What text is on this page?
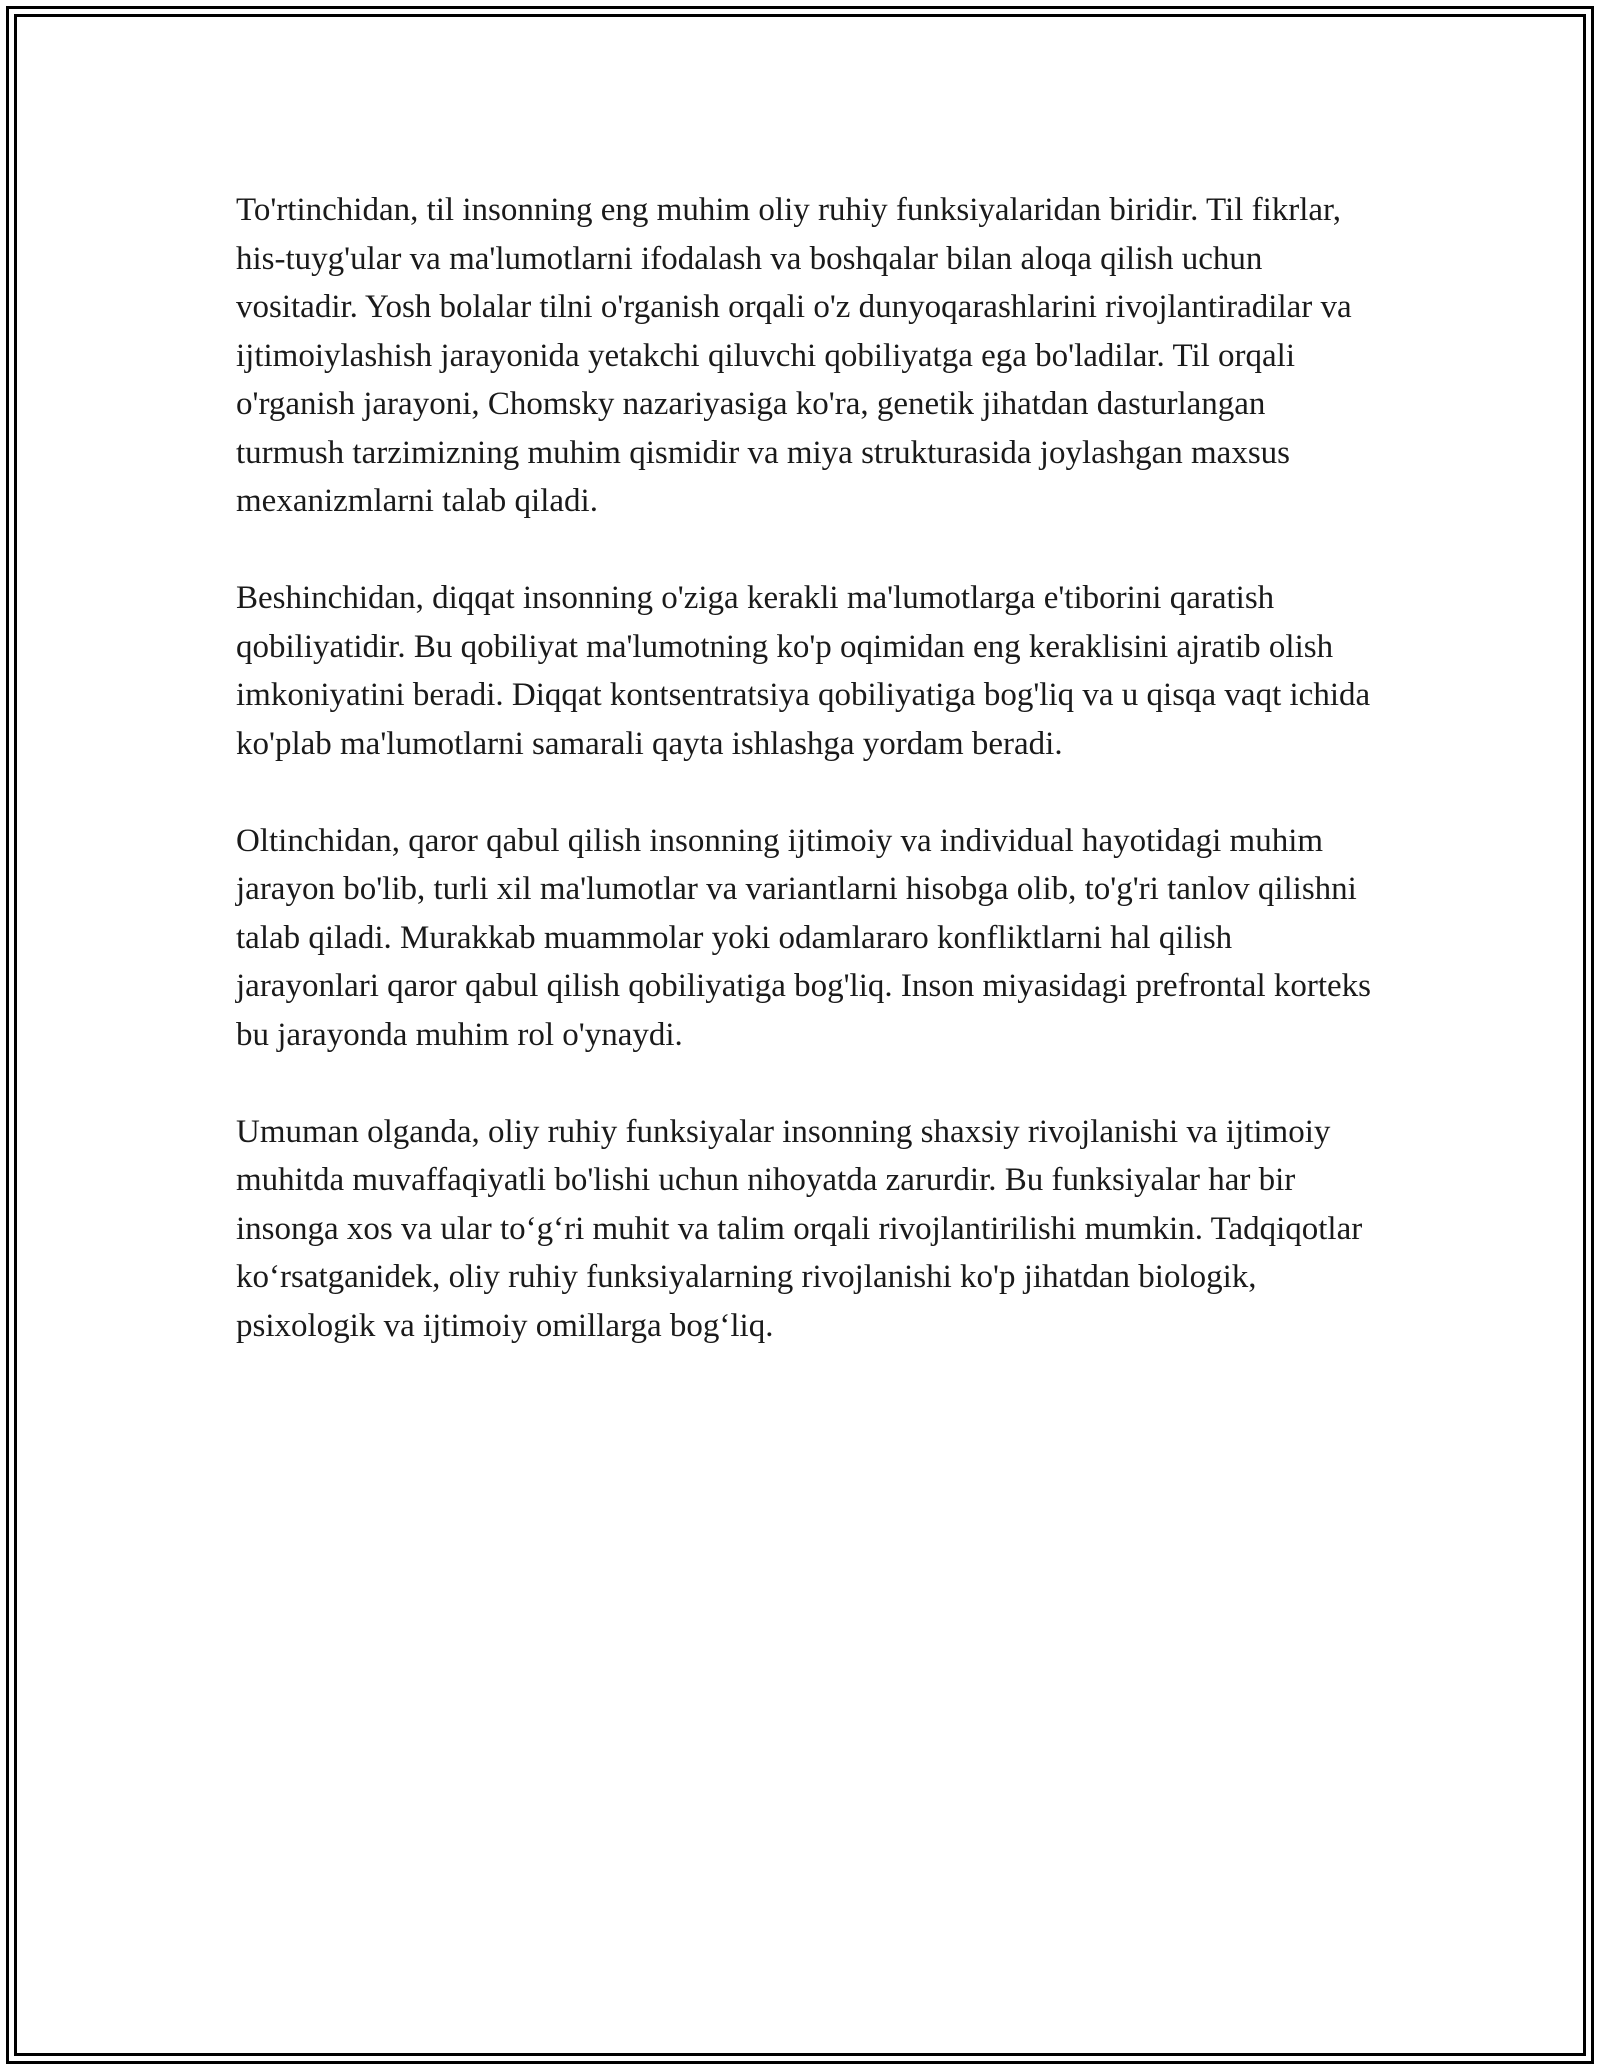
To'rtinchidan, til insonning eng muhim oliy ruhiy funksiyalaridan biridir. Til fikrlar, his-tuyg'ular va ma'lumotlarni ifodalash va boshqalar bilan aloqa qilish uchun vositadir. Yosh bolalar tilni o'rganish orqali o'z dunyoqarashlarini rivojlantiradilar va ijtimoiylashish jarayonida yetakchi qiluvchi qobiliyatga ega bo'ladilar. Til orqali o'rganish jarayoni, Chomsky nazariyasiga ko'ra, genetik jihatdan dasturlangan turmush tarzimizning muhim qismidir va miya strukturasida joylashgan maxsus mexanizmlarni talab qiladi.

Beshinchidan, diqqat insonning o'ziga kerakli ma'lumotlarga e'tiborini qaratish qobiliyatidir. Bu qobiliyat ma'lumotning ko'p oqimidan eng keraklisini ajratib olish imkoniyatini beradi. Diqqat kontsentratsiya qobiliyatiga bog'liq va u qisqa vaqt ichida ko'plab ma'lumotlarni samarali qayta ishlashga yordam beradi.

Oltinchidan, qaror qabul qilish insonning ijtimoiy va individual hayotidagi muhim jarayon bo'lib, turli xil ma'lumotlar va variantlarni hisobga olib, to'g'ri tanlov qilishni talab qiladi. Murakkab muammolar yoki odamlararo konfliktlarni hal qilish jarayonlari qaror qabul qilish qobiliyatiga bog'liq. Inson miyasidagi prefrontal korteks bu jarayonda muhim rol o'ynaydi.

Umuman olganda, oliy ruhiy funksiyalar insonning shaxsiy rivojlanishi va ijtimoiy muhitda muvaffaqiyatli bo'lishi uchun nihoyatda zarurdir. Bu funksiyalar har bir insonga xos va ular to‘g‘ri muhit va talim orqali rivojlantirilishi mumkin. Tadqiqotlar ko‘rsatganidek, oliy ruhiy funksiyalarning rivojlanishi ko'p jihatdan biologik, psixologik va ijtimoiy omillarga bog‘liq.
